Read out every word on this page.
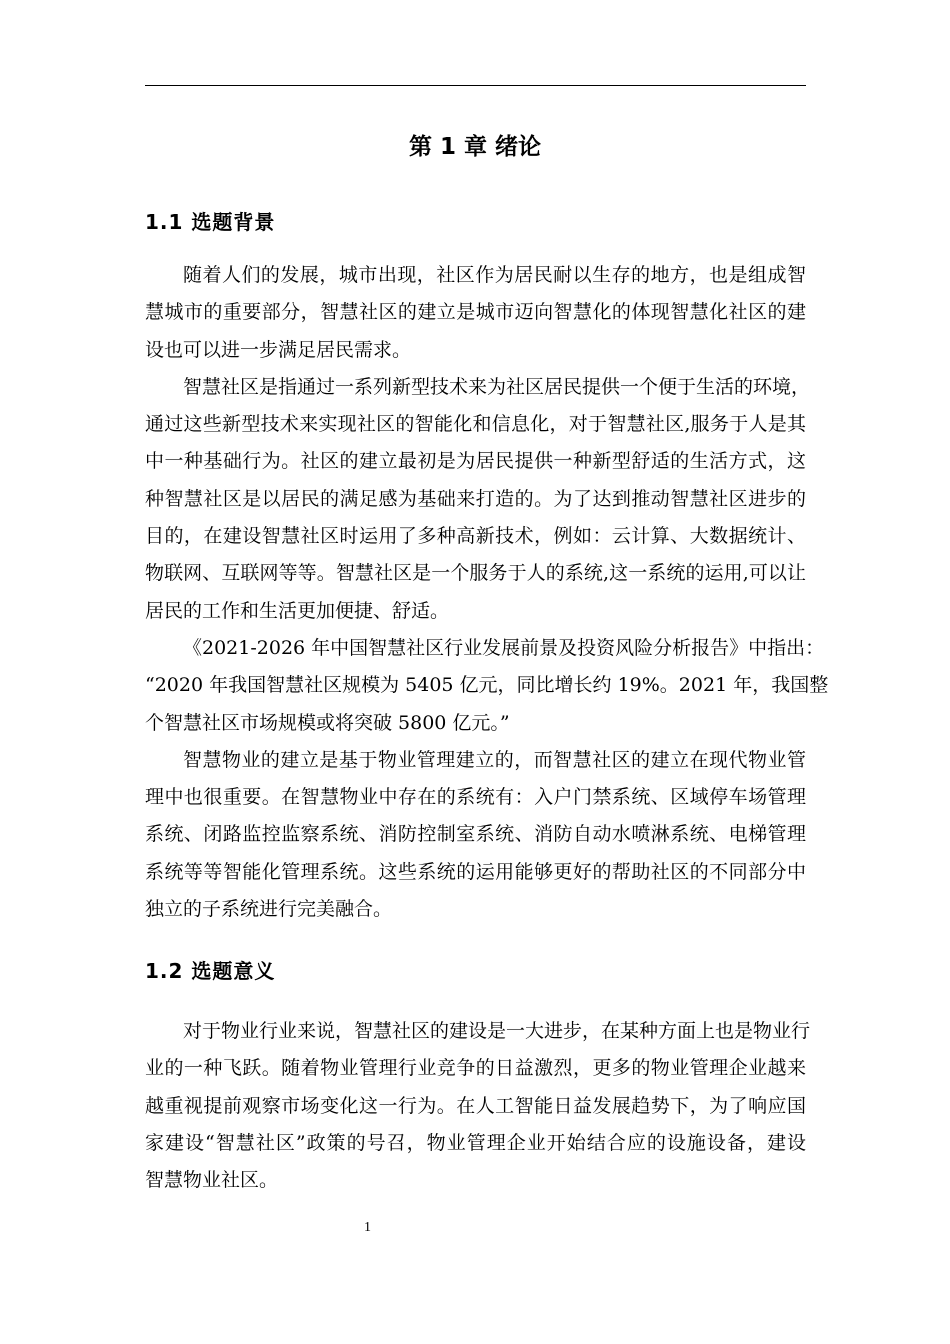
第 1 章 绪论
1.1 选题背景
随着人们的发展，城市出现，社区作为居民耐以生存的地方，也是组成智
慧城市的重要部分，智慧社区的建立是城市迈向智慧化的体现智慧化社区的建
设也可以进一步满足居民需求。
智慧社区是指通过一系列新型技术来为社区居民提供一个便于生活的环境，
通过这些新型技术来实现社区的智能化和信息化，对于智慧社区,服务于人是其
中一种基础行为。社区的建立最初是为居民提供一种新型舒适的生活方式，这
种智慧社区是以居民的满足感为基础来打造的。为了达到推动智慧社区进步的
目的，在建设智慧社区时运用了多种高新技术，例如：云计算、大数据统计、
物联网、互联网等等。智慧社区是一个服务于人的系统,这一系统的运用,可以让
居民的工作和生活更加便捷、舒适。
《2021-2026 年中国智慧社区行业发展前景及投资风险分析报告》中指出：
“2020 年我国智慧社区规模为 5405 亿元，同比增长约 19%。2021 年，我国整
个智慧社区市场规模或将突破 5800 亿元。”
智慧物业的建立是基于物业管理建立的，而智慧社区的建立在现代物业管
理中也很重要。在智慧物业中存在的系统有：入户门禁系统、区域停车场管理
系统、闭路监控监察系统、消防控制室系统、消防自动水喷淋系统、电梯管理
系统等等智能化管理系统。这些系统的运用能够更好的帮助社区的不同部分中
独立的子系统进行完美融合。
1.2 选题意义
对于物业行业来说，智慧社区的建设是一大进步，在某种方面上也是物业行
业的一种飞跃。随着物业管理行业竞争的日益激烈，更多的物业管理企业越来
越重视提前观察市场变化这一行为。在人工智能日益发展趋势下，为了响应国
家建设“智慧社区”政策的号召，物业管理企业开始结合应的设施设备，建设
智慧物业社区。
1
